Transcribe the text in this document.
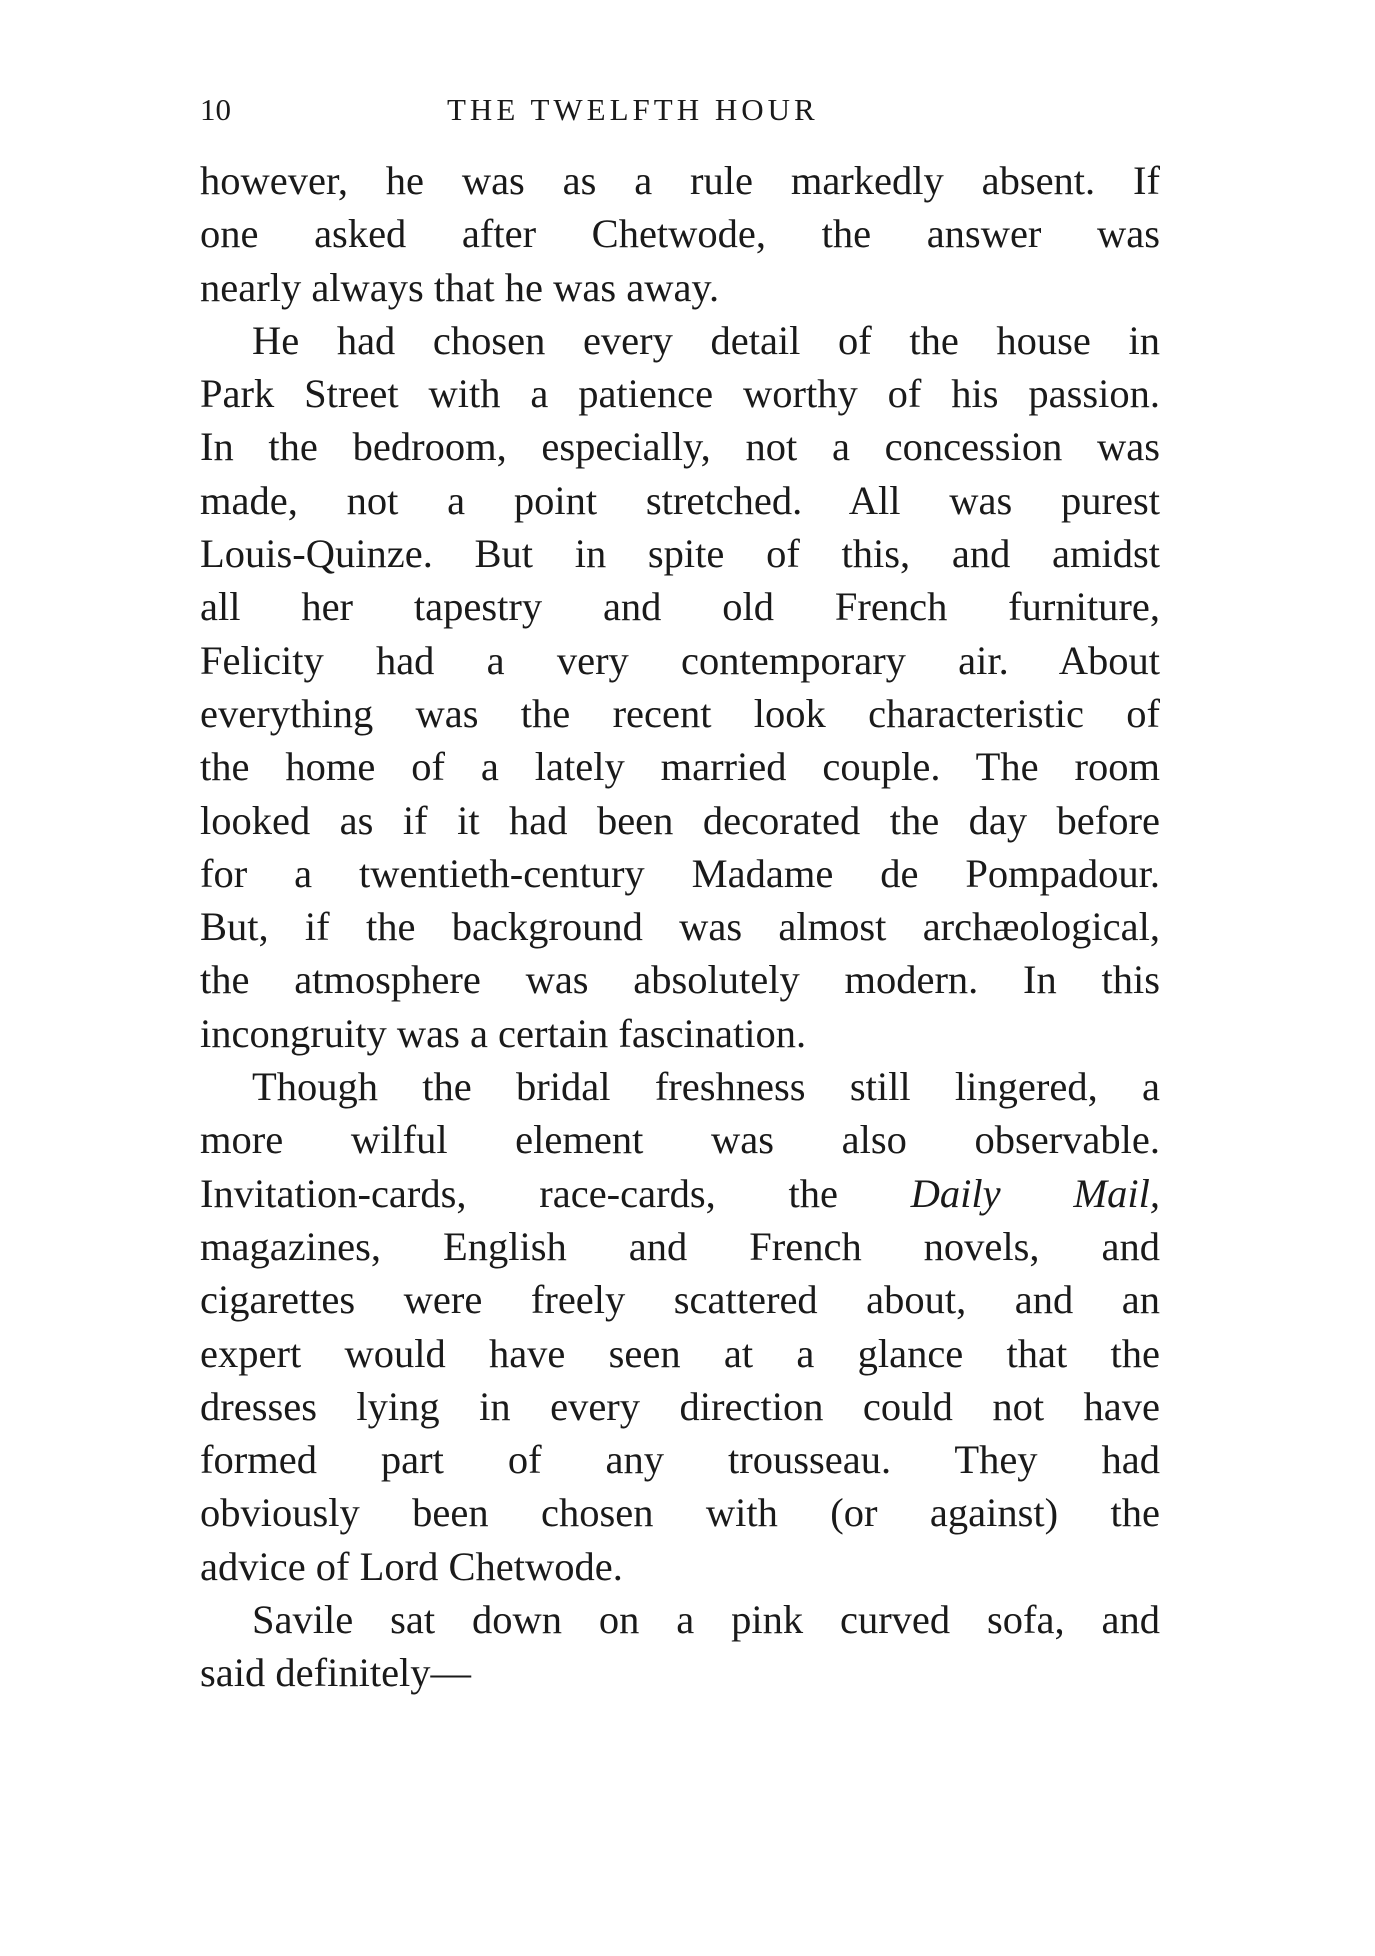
10	THE TWELFTH HOUR
however, he was as a rule markedly absent. If
one asked after Chetwode, the answer was
nearly always that he was away.
He had chosen every detail of the house in
Park Street with a patience worthy of his passion.
In the bedroom, especially, not a concession was
made, not a point stretched. All was purest
Louis-Quinze. But in spite of this, and amidst
all her tapestry and old French furniture,
Felicity had a very contemporary air. About
everything was the recent look characteristic of
the home of a lately married couple. The room
looked as if it had been decorated the day before
for a twentieth-century Madame de Pompadour.
But, if the background was almost archæological,
the atmosphere was absolutely modern. In this
incongruity was a certain fascination.
Though the bridal freshness still lingered, a
more wilful element was also observable.
Invitation-cards, race-cards, the Daily Mail,
magazines, English and French novels, and
cigarettes were freely scattered about, and an
expert would have seen at a glance that the
dresses lying in every direction could not have
formed part of any trousseau. They had
obviously been chosen with (or against) the
advice of Lord Chetwode.
Savile sat down on a pink curved sofa, and
said definitely—
